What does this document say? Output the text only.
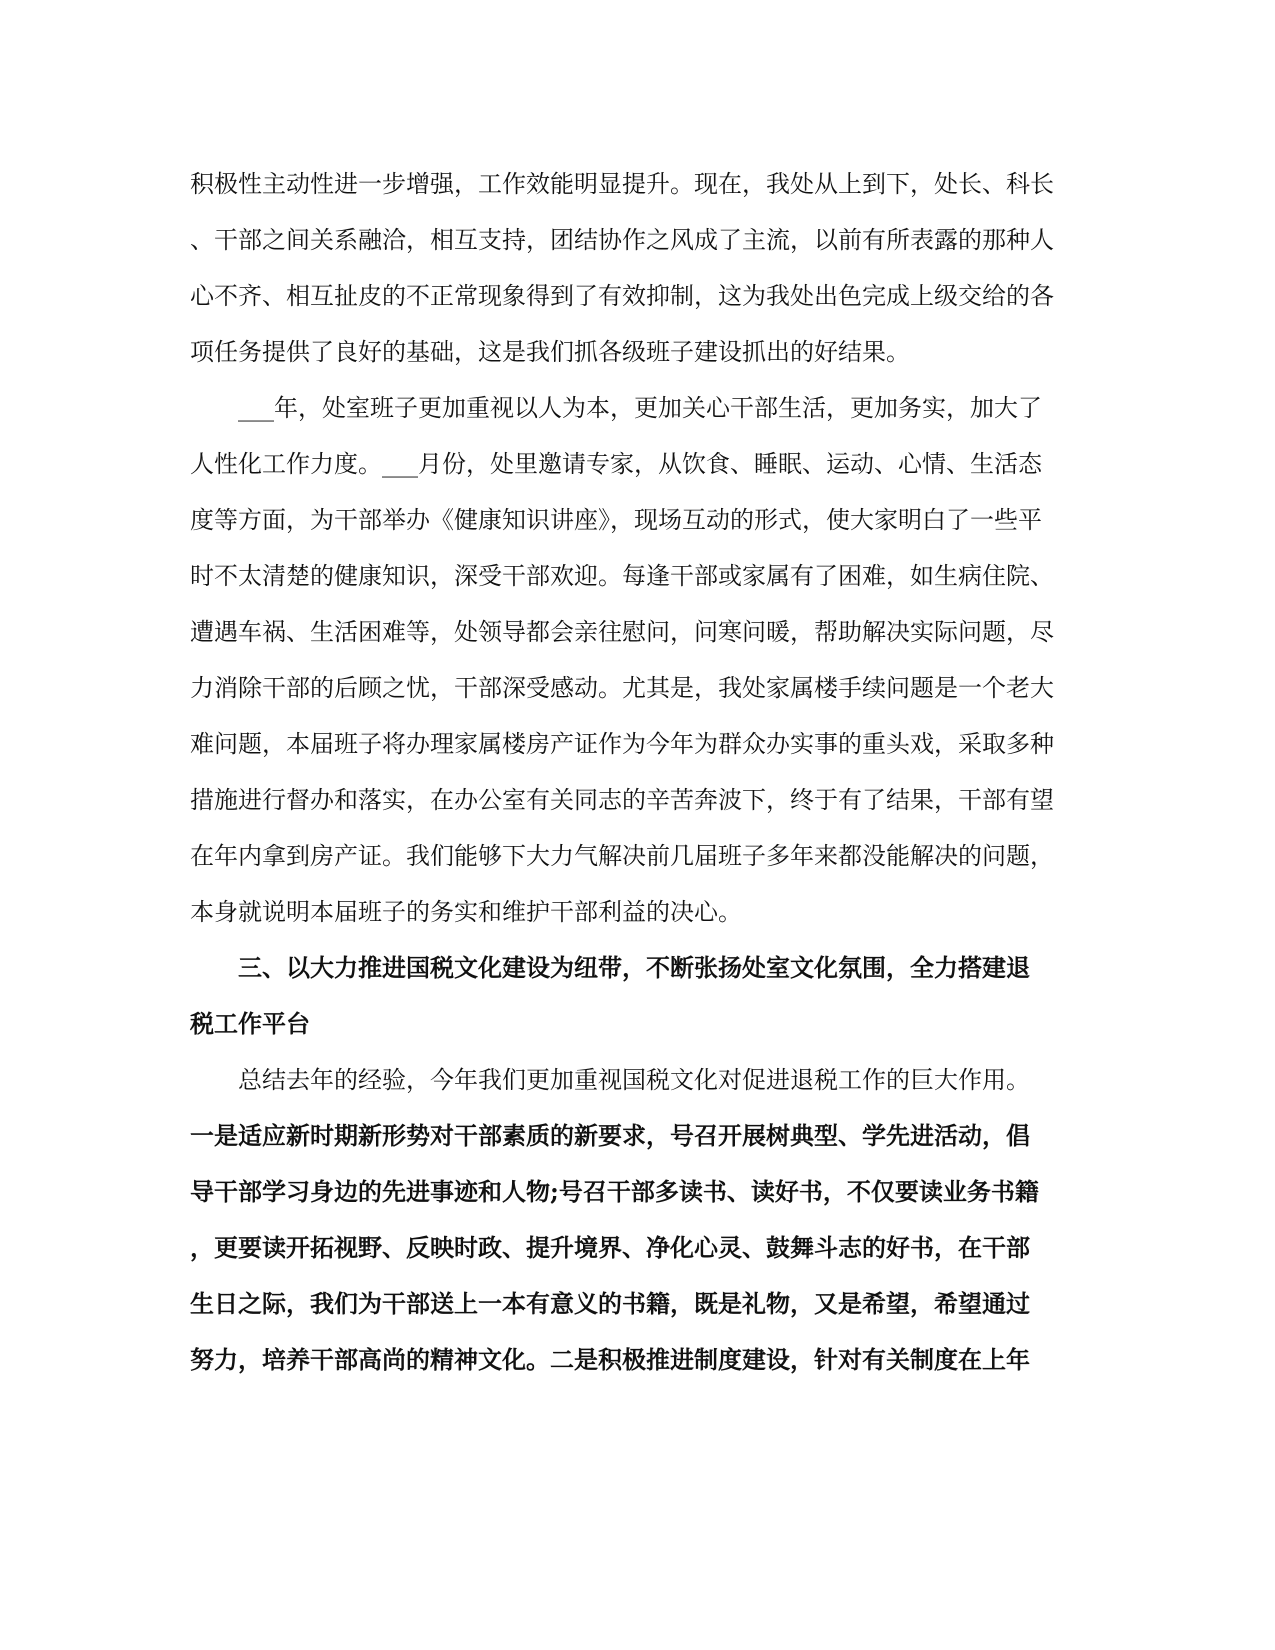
积极性主动性进一步增强，工作效能明显提升。现在，我处从上到下，处长、科长
、干部之间关系融洽，相互支持，团结协作之风成了主流，以前有所表露的那种人
心不齐、相互扯皮的不正常现象得到了有效抑制，这为我处出色完成上级交给的各
项任务提供了良好的基础，这是我们抓各级班子建设抓出的好结果。
___年，处室班子更加重视以人为本，更加关心干部生活，更加务实，加大了
人性化工作力度。___月份，处里邀请专家，从饮食、睡眠、运动、心情、生活态
度等方面，为干部举办《健康知识讲座》，现场互动的形式，使大家明白了一些平
时不太清楚的健康知识，深受干部欢迎。每逢干部或家属有了困难，如生病住院、
遭遇车祸、生活困难等，处领导都会亲往慰问，问寒问暖，帮助解决实际问题，尽
力消除干部的后顾之忧，干部深受感动。尤其是，我处家属楼手续问题是一个老大
难问题，本届班子将办理家属楼房产证作为今年为群众办实事的重头戏，采取多种
措施进行督办和落实，在办公室有关同志的辛苦奔波下，终于有了结果，干部有望
在年内拿到房产证。我们能够下大力气解决前几届班子多年来都没能解决的问题，
本身就说明本届班子的务实和维护干部利益的决心。
三、以大力推进国税文化建设为纽带，不断张扬处室文化氛围，全力搭建退
税工作平台
总结去年的经验，今年我们更加重视国税文化对促进退税工作的巨大作用。
一是适应新时期新形势对干部素质的新要求，号召开展树典型、学先进活动，倡
导干部学习身边的先进事迹和人物;号召干部多读书、读好书，不仅要读业务书籍
，更要读开拓视野、反映时政、提升境界、净化心灵、鼓舞斗志的好书，在干部
生日之际，我们为干部送上一本有意义的书籍，既是礼物，又是希望，希望通过
努力，培养干部高尚的精神文化。二是积极推进制度建设，针对有关制度在上年
